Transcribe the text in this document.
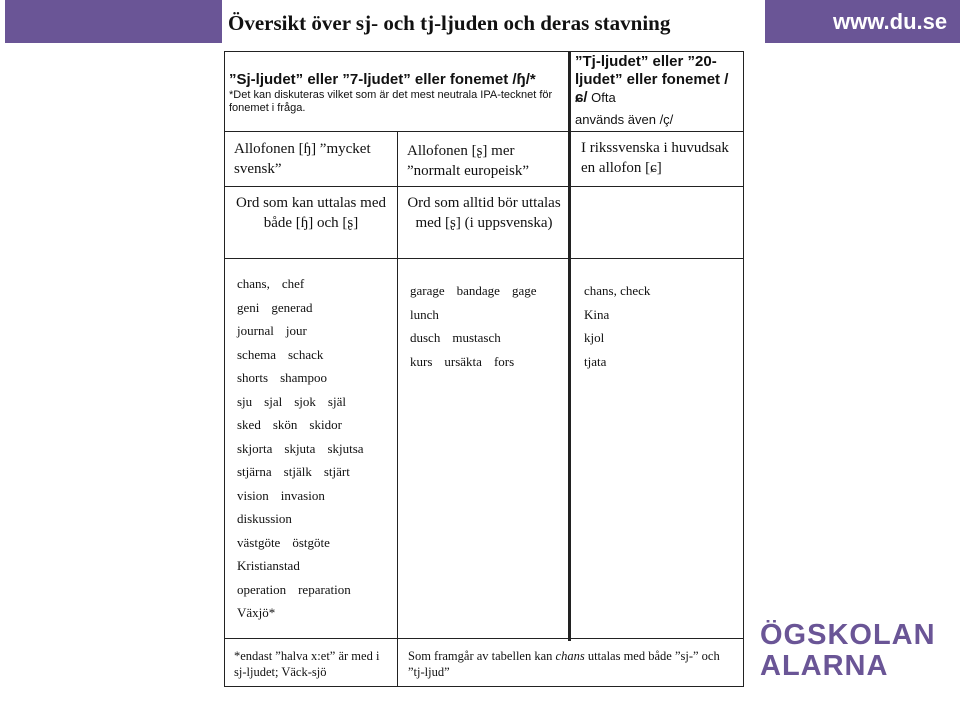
Översikt över sj- och tj-ljuden och deras stavning	www.du.se
ÖGSKOLAN
ALARNA
”Sj-ljudet” eller ”7-ljudet” eller fonemet /ɧ/*
*Det kan diskuteras vilket som är det mest neutrala IPA-tecknet för fonemet i fråga.
”Tj-ljudet” eller ”20-ljudet” eller fonemet /ɕ/ Ofta
används även /ç/
Allofonen [ɧ] ”mycket svensk”
Allofonen [ʂ] mer ”normalt europeisk”
I rikssvenska i huvudsak en allofon [ɕ]
Ord som kan uttalas med både [ɧ] och [ʂ]
Ord som alltid bör uttalas med [ʂ] (i uppsvenska)
chans, chef
geni generad
journal jour
schema schack
shorts shampoo
sju sjal sjok själ
sked skön skidor
skjorta skjuta skjutsa
stjärna stjälk stjärt
vision invasion
diskussion
västgöte östgöte
Kristianstad
operation reparation
Växjö*
garage bandage gage
lunch
dusch mustasch
kurs ursäkta fors
chans, check
Kina
kjol
tjata
*endast ”halva x:et” är med i sj-ljudet; Väck-sjö
Som framgår av tabellen kan chans uttalas med både ”sj-” och ”tj-ljud”
